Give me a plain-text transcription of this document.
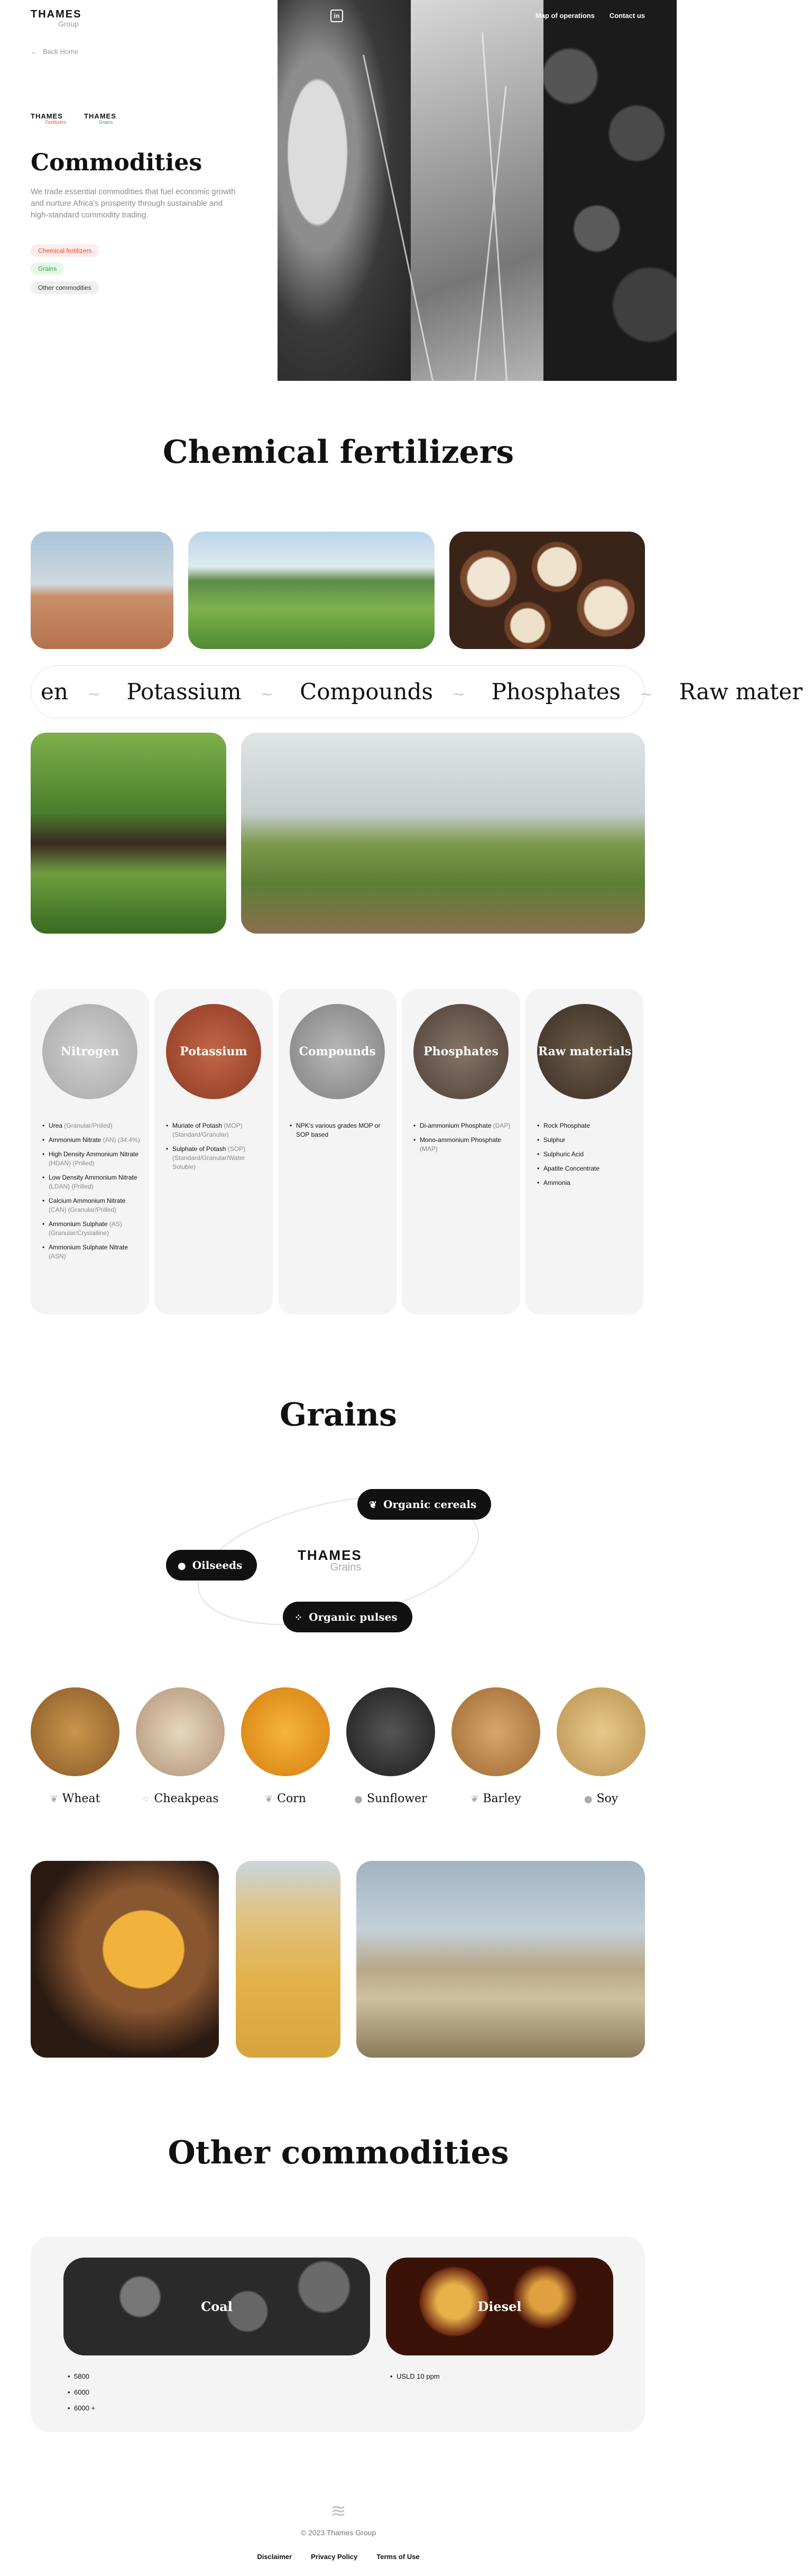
THAMES
Group
← Back Home
THAMES
Fertilizers
THAMES
Grains
Commodities

We trade essential commodities that fuel economic growth and nurture Africa's prosperity through sustainable and high-standard commodity trading.

Chemical fertilizers
Grains
Other commodities
in	Map of operations Contact us
Chemical fertilizers
en ~ Potassium ~ Compounds ~ Phosphates ~ Raw mater
Nitrogen
• Urea (Granular/Prilled)
• Ammonium Nitrate (AN) (34.4%)
• High Density Ammonium Nitrate (HDAN) (Prilled)
• Low Density Ammonium Nitrate (LDAN) (Prilled)
• Calcium Ammonium Nitrate (CAN) (Granular/Prilled)
• Ammonium Sulphate (AS) (Granular/Crystalline)
• Ammonium Sulphate Nitrate (ASN)
Potassium
• Muriate of Potash (MOP) (Standard/Granular)
• Sulphate of Potash (SOP) (Standard/Granular/Water Soluble)
Compounds
• NPK's various grades MOP or SOP based
Phosphates
• Di-ammonium Phosphate (DAP)
• Mono-ammonium Phosphate (MAP)
Raw materials
• Rock Phosphate
• Sulphur
• Sulphuric Acid
• Apatite Concentrate
• Ammonia
Grains
THAMES
Grains
❦ Organic cereals
● Oilseeds
⁘ Organic pulses
❦ Wheat	⁘ Cheakpeas	❦ Corn	● Sunflower	❦ Barley	● Soy
Other commodities
Coal	Diesel
• 5800
• 6000
• 6000 +
• USLD 10 ppm
≋
© 2023 Thames Group
Disclaimer	Privacy Policy	Terms of Use
